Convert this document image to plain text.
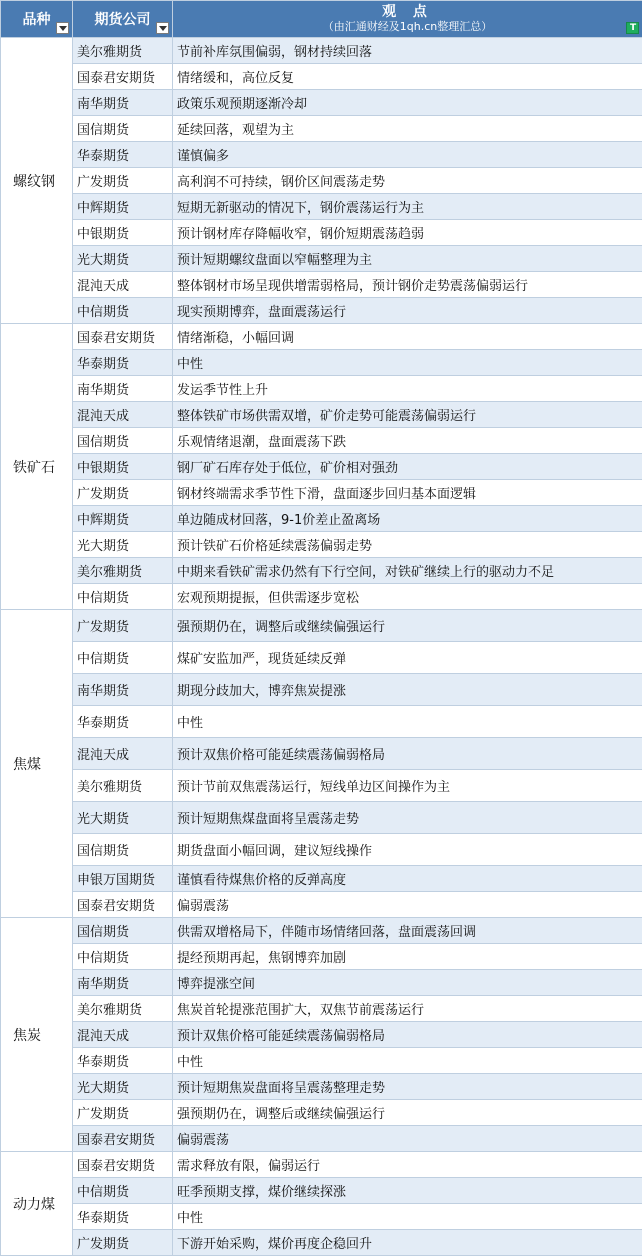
品种	期货公司	观 点
（由汇通财经及1qh.cn整理汇总）
T

螺纹钢	美尔雅期货	节前补库氛围偏弱，钢材持续回落
	国泰君安期货	情绪缓和，高位反复
	南华期货	政策乐观预期逐渐冷却
	国信期货	延续回落，观望为主
	华泰期货	谨慎偏多
	广发期货	高利润不可持续，钢价区间震荡走势
	中辉期货	短期无新驱动的情况下，钢价震荡运行为主
	中银期货	预计钢材库存降幅收窄，钢价短期震荡趋弱
	光大期货	预计短期螺纹盘面以窄幅整理为主
	混沌天成	整体钢材市场呈现供增需弱格局，预计钢价走势震荡偏弱运行
	中信期货	现实预期博弈，盘面震荡运行
铁矿石	国泰君安期货	情绪渐稳，小幅回调
	华泰期货	中性
	南华期货	发运季节性上升
	混沌天成	整体铁矿市场供需双增，矿价走势可能震荡偏弱运行
	国信期货	乐观情绪退潮，盘面震荡下跌
	中银期货	钢厂矿石库存处于低位，矿价相对强劲
	广发期货	钢材终端需求季节性下滑，盘面逐步回归基本面逻辑
	中辉期货	单边随成材回落，9-1价差止盈离场
	光大期货	预计铁矿石价格延续震荡偏弱走势
	美尔雅期货	中期来看铁矿需求仍然有下行空间，对铁矿继续上行的驱动力不足
	中信期货	宏观预期提振，但供需逐步宽松
焦煤	广发期货	强预期仍在，调整后或继续偏强运行
	中信期货	煤矿安监加严，现货延续反弹
	南华期货	期现分歧加大，博弈焦炭提涨
	华泰期货	中性
	混沌天成	预计双焦价格可能延续震荡偏弱格局
	美尔雅期货	预计节前双焦震荡运行，短线单边区间操作为主
	光大期货	预计短期焦煤盘面将呈震荡走势
	国信期货	期货盘面小幅回调，建议短线操作
	申银万国期货	谨慎看待煤焦价格的反弹高度
	国泰君安期货	偏弱震荡
焦炭	国信期货	供需双增格局下，伴随市场情绪回落，盘面震荡回调
	中信期货	提经预期再起，焦钢博弈加剧
	南华期货	博弈提涨空间
	美尔雅期货	焦炭首轮提涨范围扩大，双焦节前震荡运行
	混沌天成	预计双焦价格可能延续震荡偏弱格局
	华泰期货	中性
	光大期货	预计短期焦炭盘面将呈震荡整理走势
	广发期货	强预期仍在，调整后或继续偏强运行
	国泰君安期货	偏弱震荡
动力煤	国泰君安期货	需求释放有限，偏弱运行
	中信期货	旺季预期支撑，煤价继续探涨
	华泰期货	中性
	广发期货	下游开始采购，煤价再度企稳回升
